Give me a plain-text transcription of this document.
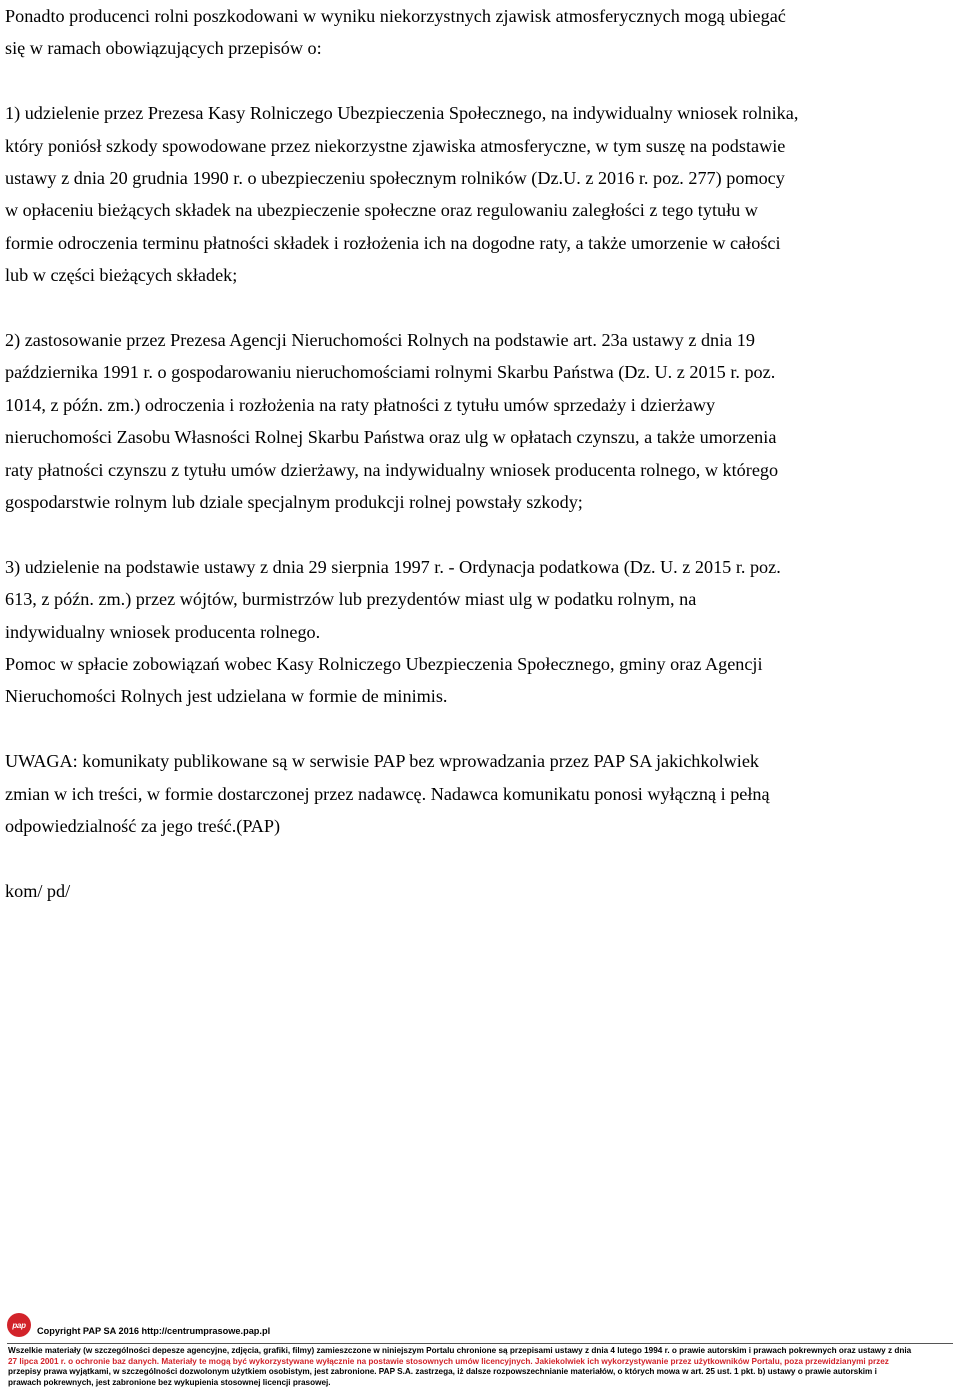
Ponadto producenci rolni poszkodowani w wyniku niekorzystnych zjawisk atmosferycznych mogą ubiegać
się w ramach obowiązujących przepisów o:

1) udzielenie przez Prezesa Kasy Rolniczego Ubezpieczenia Społecznego, na indywidualny wniosek rolnika,
który poniósł szkody spowodowane przez niekorzystne zjawiska atmosferyczne, w tym suszę na podstawie
ustawy z dnia 20 grudnia 1990 r. o ubezpieczeniu społecznym rolników (Dz.U. z 2016 r. poz. 277) pomocy
w opłaceniu bieżących składek na ubezpieczenie społeczne oraz regulowaniu zaległości z tego tytułu w
formie odroczenia terminu płatności składek i rozłożenia ich na dogodne raty, a także umorzenie w całości
lub w części bieżących składek;

2) zastosowanie przez Prezesa Agencji Nieruchomości Rolnych na podstawie art. 23a ustawy z dnia 19
października 1991 r. o gospodarowaniu nieruchomościami rolnymi Skarbu Państwa (Dz. U. z 2015 r. poz.
1014, z późn. zm.) odroczenia i rozłożenia na raty płatności z tytułu umów sprzedaży i dzierżawy
nieruchomości Zasobu Własności Rolnej Skarbu Państwa oraz ulg w opłatach czynszu, a także umorzenia
raty płatności czynszu z tytułu umów dzierżawy, na indywidualny wniosek producenta rolnego, w którego
gospodarstwie rolnym lub dziale specjalnym produkcji rolnej powstały szkody;

3) udzielenie na podstawie ustawy z dnia 29 sierpnia 1997 r. - Ordynacja podatkowa (Dz. U. z 2015 r. poz.
613, z późn. zm.) przez wójtów, burmistrzów lub prezydentów miast ulg w podatku rolnym, na
indywidualny wniosek producenta rolnego.

Pomoc w spłacie zobowiązań wobec Kasy Rolniczego Ubezpieczenia Społecznego, gminy oraz Agencji
Nieruchomości Rolnych jest udzielana w formie de minimis.

UWAGA: komunikaty publikowane są w serwisie PAP bez wprowadzania przez PAP SA jakichkolwiek
zmian w ich treści, w formie dostarczonej przez nadawcę. Nadawca komunikatu ponosi wyłączną i pełną
odpowiedzialność za jego treść.(PAP)

kom/ pd/

pap
Copyright PAP SA 2016 http://centrumprasowe.pap.pl
Wszelkie materiały (w szczególności depesze agencyjne, zdjęcia, grafiki, filmy) zamieszczone w niniejszym Portalu chronione są przepisami ustawy z dnia 4 lutego 1994 r. o prawie autorskim i prawach pokrewnych oraz ustawy z dnia
27 lipca 2001 r. o ochronie baz danych. Materiały te mogą być wykorzystywane wyłącznie na postawie stosownych umów licencyjnych. Jakiekolwiek ich wykorzystywanie przez użytkowników Portalu, poza przewidzianymi przez
przepisy prawa wyjątkami, w szczególności dozwolonym użytkiem osobistym, jest zabronione. PAP S.A. zastrzega, iż dalsze rozpowszechnianie materiałów, o których mowa w art. 25 ust. 1 pkt. b) ustawy o prawie autorskim i
prawach pokrewnych, jest zabronione bez wykupienia stosownej licencji prasowej.
